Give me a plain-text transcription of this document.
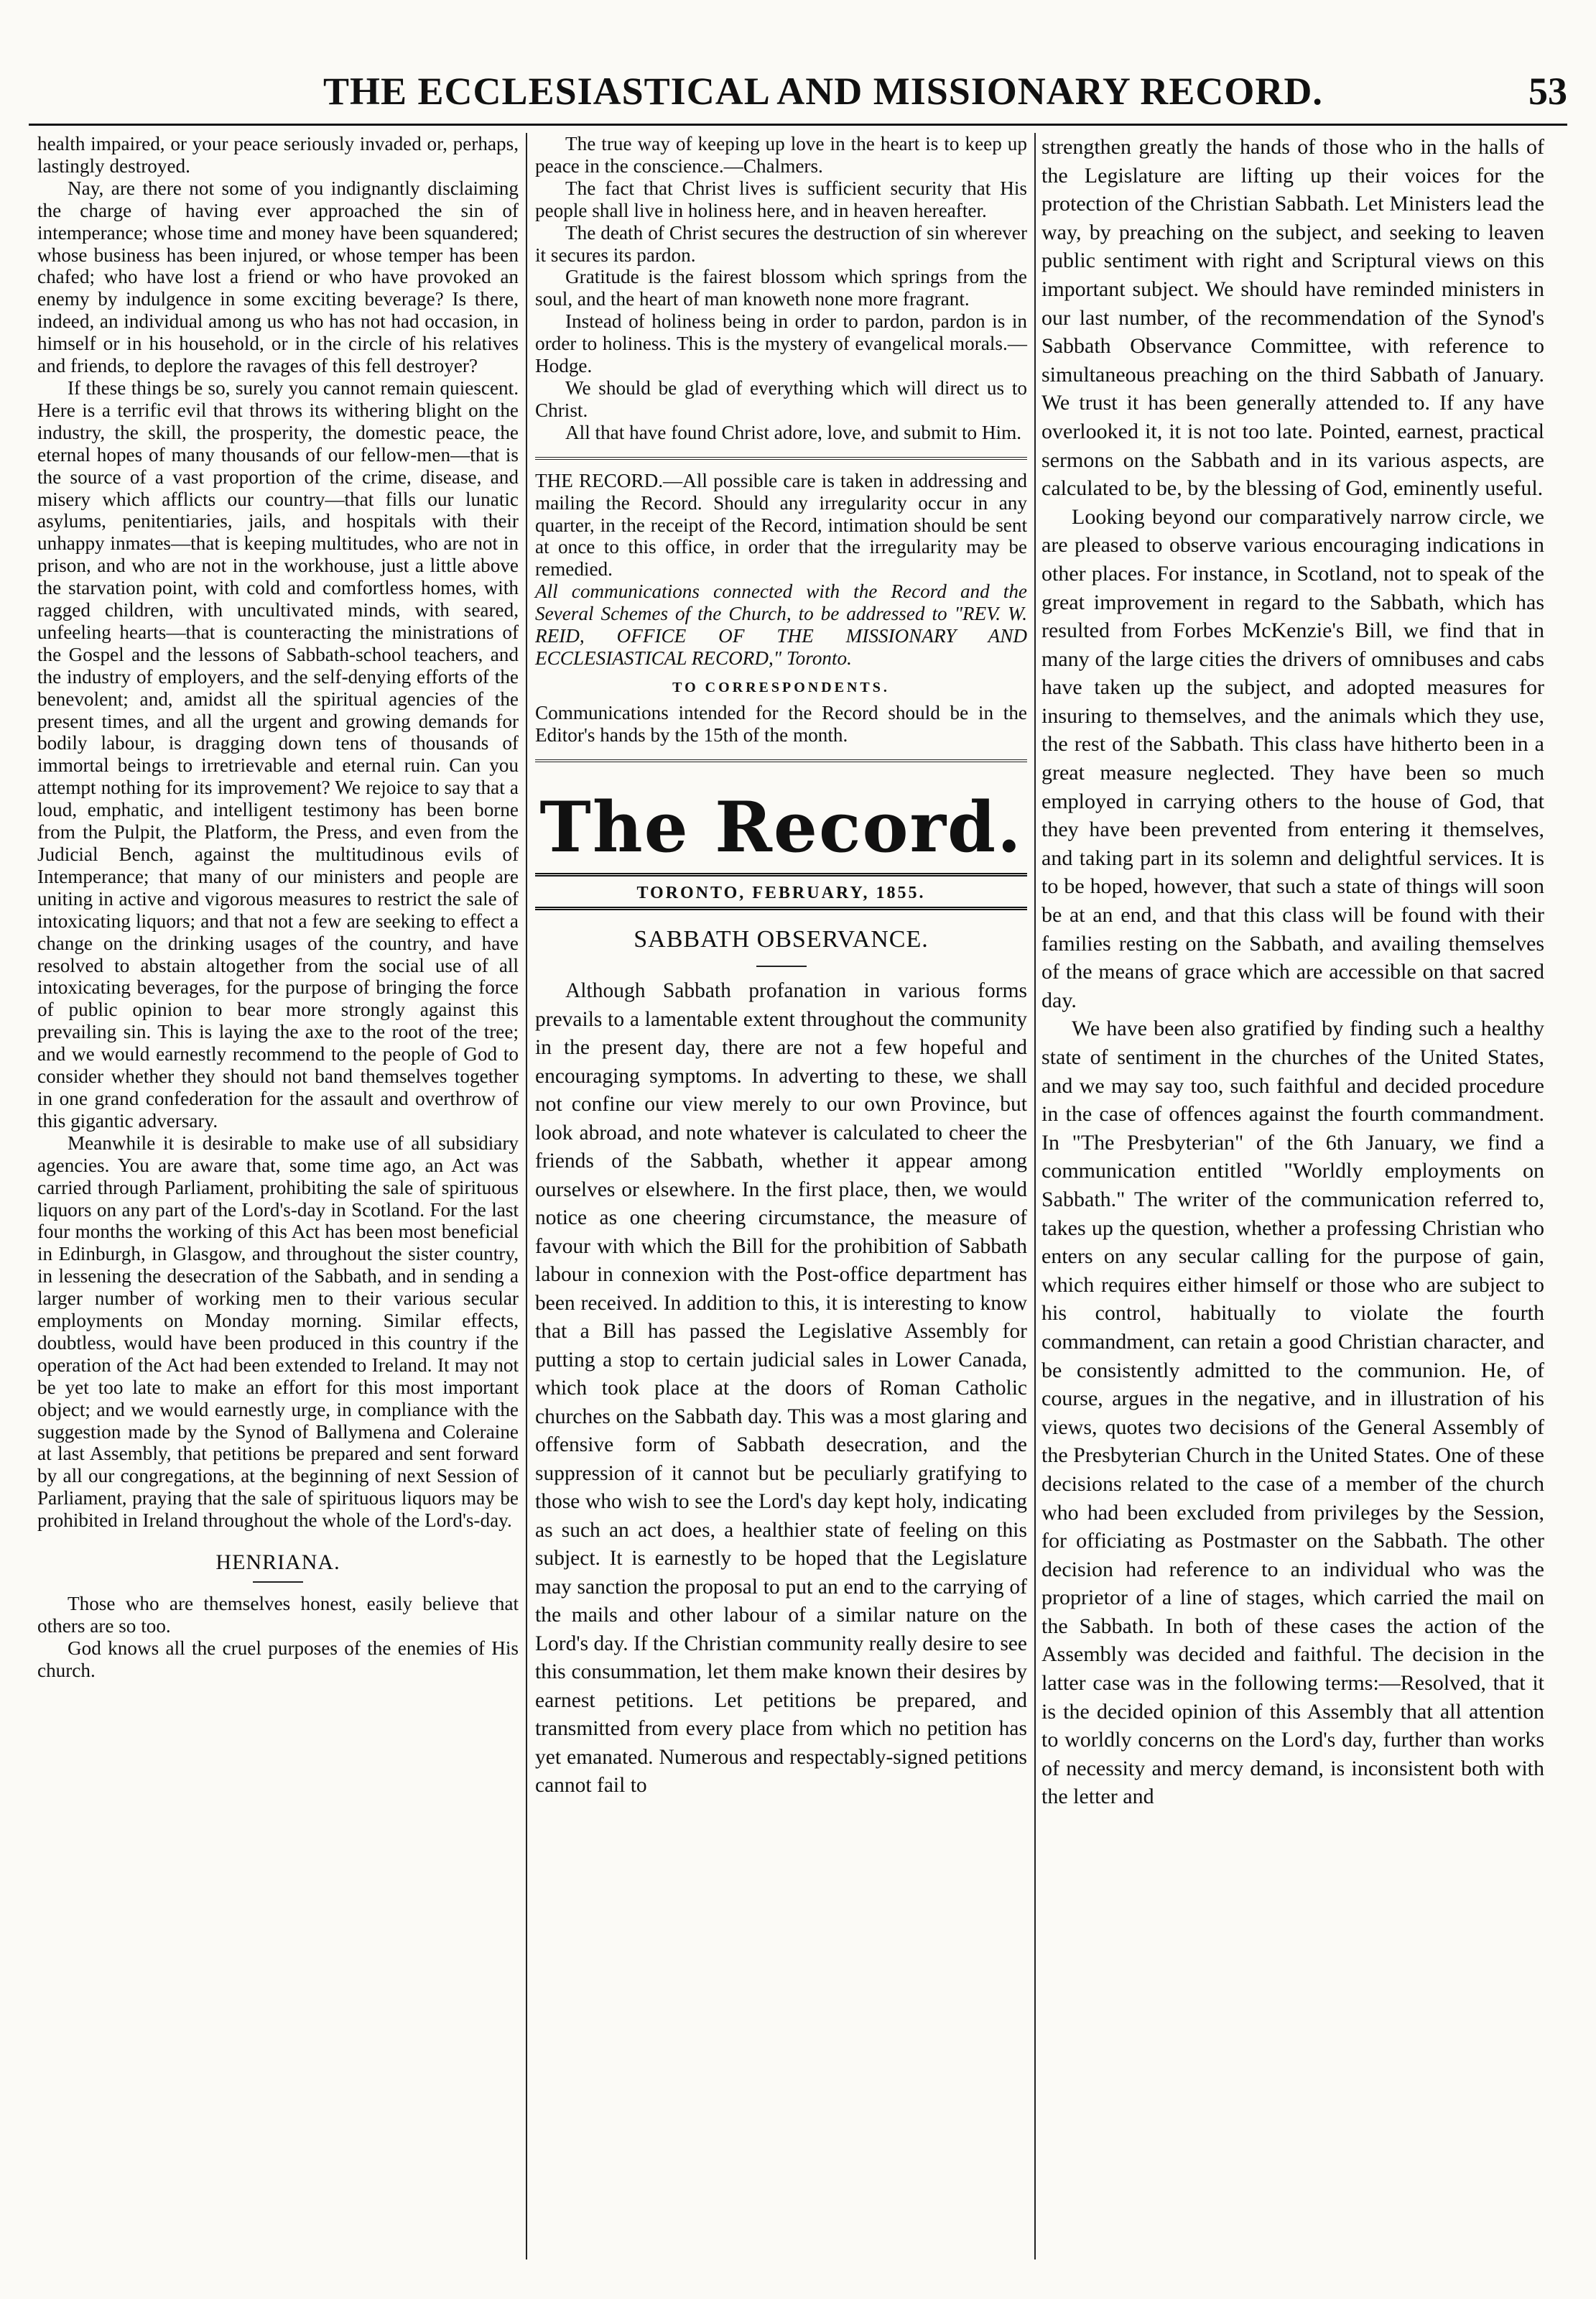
THE ECCLESIASTICAL AND MISSIONARY RECORD.	53

health impaired, or your peace seriously invaded or, perhaps, lastingly destroyed.

Nay, are there not some of you indignantly disclaiming the charge of having ever approached the sin of intemperance; whose time and money have been squandered; whose business has been injured, or whose temper has been chafed; who have lost a friend or who have provoked an enemy by indulgence in some exciting beverage? Is there, indeed, an individual among us who has not had occasion, in himself or in his household, or in the circle of his relatives and friends, to deplore the ravages of this fell destroyer?

If these things be so, surely you cannot remain quiescent. Here is a terrific evil that throws its withering blight on the industry, the skill, the prosperity, the domestic peace, the eternal hopes of many thousands of our fellow-men—that is the source of a vast proportion of the crime, disease, and misery which afflicts our country—that fills our lunatic asylums, penitentiaries, jails, and hospitals with their unhappy inmates—that is keeping multitudes, who are not in prison, and who are not in the workhouse, just a little above the starvation point, with cold and comfortless homes, with ragged children, with uncultivated minds, with seared, unfeeling hearts—that is counteracting the ministrations of the Gospel and the lessons of Sabbath-school teachers, and the industry of employers, and the self-denying efforts of the benevolent; and, amidst all the spiritual agencies of the present times, and all the urgent and growing demands for bodily labour, is dragging down tens of thousands of immortal beings to irretrievable and eternal ruin. Can you attempt nothing for its improvement? We rejoice to say that a loud, emphatic, and intelligent testimony has been borne from the Pulpit, the Platform, the Press, and even from the Judicial Bench, against the multitudinous evils of Intemperance; that many of our ministers and people are uniting in active and vigorous measures to restrict the sale of intoxicating liquors; and that not a few are seeking to effect a change on the drinking usages of the country, and have resolved to abstain altogether from the social use of all intoxicating beverages, for the purpose of bringing the force of public opinion to bear more strongly against this prevailing sin. This is laying the axe to the root of the tree; and we would earnestly recommend to the people of God to consider whether they should not band themselves together in one grand confederation for the assault and overthrow of this gigantic adversary.

Meanwhile it is desirable to make use of all subsidiary agencies. You are aware that, some time ago, an Act was carried through Parliament, prohibiting the sale of spirituous liquors on any part of the Lord's-day in Scotland. For the last four months the working of this Act has been most beneficial in Edinburgh, in Glasgow, and throughout the sister country, in lessening the desecration of the Sabbath, and in sending a larger number of working men to their various secular employments on Monday morning. Similar effects, doubtless, would have been produced in this country if the operation of the Act had been extended to Ireland. It may not be yet too late to make an effort for this most important object; and we would earnestly urge, in compliance with the suggestion made by the Synod of Ballymena and Coleraine at last Assembly, that petitions be prepared and sent forward by all our congregations, at the beginning of next Session of Parliament, praying that the sale of spirituous liquors may be prohibited in Ireland throughout the whole of the Lord's-day.

HENRIANA.

Those who are themselves honest, easily believe that others are so too.

God knows all the cruel purposes of the enemies of His church.

The true way of keeping up love in the heart is to keep up peace in the conscience.—Chalmers.

The fact that Christ lives is sufficient security that His people shall live in holiness here, and in heaven hereafter.

The death of Christ secures the destruction of sin wherever it secures its pardon.

Gratitude is the fairest blossom which springs from the soul, and the heart of man knoweth none more fragrant.

Instead of holiness being in order to pardon, pardon is in order to holiness. This is the mystery of evangelical morals.—Hodge.

We should be glad of everything which will direct us to Christ.

All that have found Christ adore, love, and submit to Him.

THE RECORD.—All possible care is taken in addressing and mailing the Record. Should any irregularity occur in any quarter, in the receipt of the Record, intimation should be sent at once to this office, in order that the irregularity may be remedied.

All communications connected with the Record and the Several Schemes of the Church, to be addressed to "REV. W. REID, OFFICE OF THE MISSIONARY AND ECCLESIASTICAL RECORD," Toronto.

TO CORRESPONDENTS.

Communications intended for the Record should be in the Editor's hands by the 15th of the month.

The Record.
TORONTO, FEBRUARY, 1855.
SABBATH OBSERVANCE.

Although Sabbath profanation in various forms prevails to a lamentable extent throughout the community in the present day, there are not a few hopeful and encouraging symptoms. In adverting to these, we shall not confine our view merely to our own Province, but look abroad, and note whatever is calculated to cheer the friends of the Sabbath, whether it appear among ourselves or elsewhere. In the first place, then, we would notice as one cheering circumstance, the measure of favour with which the Bill for the prohibition of Sabbath labour in connexion with the Post-office department has been received. In addition to this, it is interesting to know that a Bill has passed the Legislative Assembly for putting a stop to certain judicial sales in Lower Canada, which took place at the doors of Roman Catholic churches on the Sabbath day. This was a most glaring and offensive form of Sabbath desecration, and the suppression of it cannot but be peculiarly gratifying to those who wish to see the Lord's day kept holy, indicating as such an act does, a healthier state of feeling on this subject. It is earnestly to be hoped that the Legislature may sanction the proposal to put an end to the carrying of the mails and other labour of a similar nature on the Lord's day. If the Christian community really desire to see this consummation, let them make known their desires by earnest petitions. Let petitions be prepared, and transmitted from every place from which no petition has yet emanated. Numerous and respectably-signed petitions cannot fail to

strengthen greatly the hands of those who in the halls of the Legislature are lifting up their voices for the protection of the Christian Sabbath. Let Ministers lead the way, by preaching on the subject, and seeking to leaven public sentiment with right and Scriptural views on this important subject. We should have reminded ministers in our last number, of the recommendation of the Synod's Sabbath Observance Committee, with reference to simultaneous preaching on the third Sabbath of January. We trust it has been generally attended to. If any have overlooked it, it is not too late. Pointed, earnest, practical sermons on the Sabbath and in its various aspects, are calculated to be, by the blessing of God, eminently useful.

Looking beyond our comparatively narrow circle, we are pleased to observe various encouraging indications in other places. For instance, in Scotland, not to speak of the great improvement in regard to the Sabbath, which has resulted from Forbes McKenzie's Bill, we find that in many of the large cities the drivers of omnibuses and cabs have taken up the subject, and adopted measures for insuring to themselves, and the animals which they use, the rest of the Sabbath. This class have hitherto been in a great measure neglected. They have been so much employed in carrying others to the house of God, that they have been prevented from entering it themselves, and taking part in its solemn and delightful services. It is to be hoped, however, that such a state of things will soon be at an end, and that this class will be found with their families resting on the Sabbath, and availing themselves of the means of grace which are accessible on that sacred day.

We have been also gratified by finding such a healthy state of sentiment in the churches of the United States, and we may say too, such faithful and decided procedure in the case of offences against the fourth commandment. In "The Presbyterian" of the 6th January, we find a communication entitled "Worldly employments on Sabbath." The writer of the communication referred to, takes up the question, whether a professing Christian who enters on any secular calling for the purpose of gain, which requires either himself or those who are subject to his control, habitually to violate the fourth commandment, can retain a good Christian character, and be consistently admitted to the communion. He, of course, argues in the negative, and in illustration of his views, quotes two decisions of the General Assembly of the Presbyterian Church in the United States. One of these decisions related to the case of a member of the church who had been excluded from privileges by the Session, for officiating as Postmaster on the Sabbath. The other decision had reference to an individual who was the proprietor of a line of stages, which carried the mail on the Sabbath. In both of these cases the action of the Assembly was decided and faithful. The decision in the latter case was in the following terms:—Resolved, that it is the decided opinion of this Assembly that all attention to worldly concerns on the Lord's day, further than works of necessity and mercy demand, is inconsistent both with the letter and
